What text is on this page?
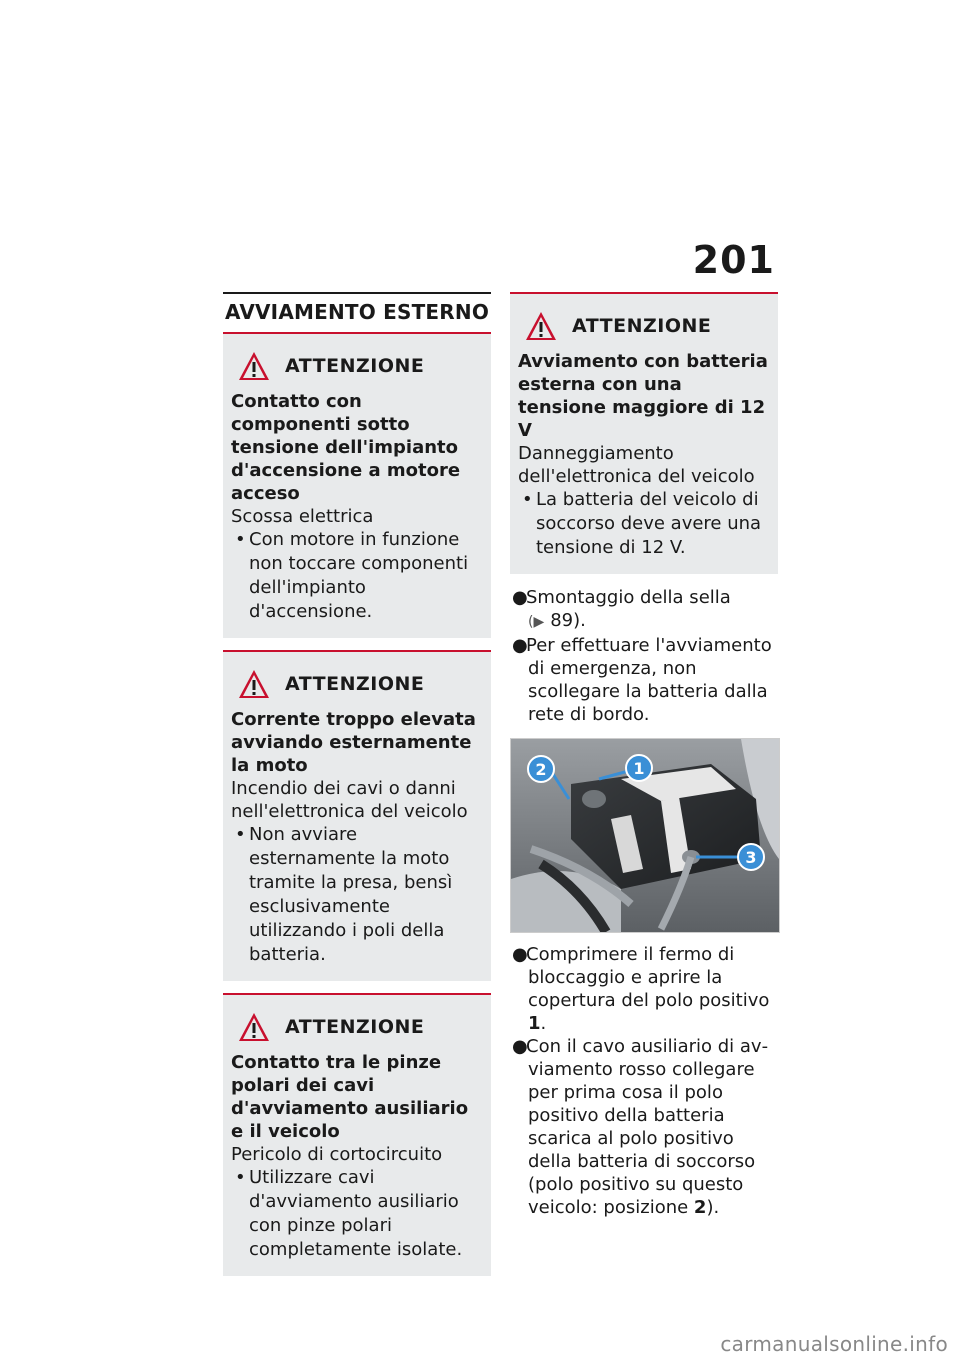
201
AVVIAMENTO ESTERNO
ATTENZIONE
Contatto con componenti sotto tensione dell'impianto d'accensione a motore acceso
Scossa elettrica
• Con motore in funzione non toccare componenti dell'impianto d'accensione.
ATTENZIONE
Corrente troppo elevata avviando esternamente la moto
Incendio dei cavi o danni nell'elettronica del veicolo
• Non avviare esternamente la moto tramite la presa, bensì esclusivamente utilizzando i poli della batteria.
ATTENZIONE
Contatto tra le pinze polari dei cavi d'avviamento ausiliario e il veicolo
Pericolo di cortocircuito
• Utilizzare cavi d'avviamento ausiliario con pinze polari completamente isolate.
ATTENZIONE
Avviamento con batteria esterna con una tensione maggiore di 12 V
Danneggiamento dell'elettronica del veicolo
• La batteria del veicolo di soccorso deve avere una tensione di 12 V.
●Smontaggio della sella
(▶ 89).
●Per effettuare l'avviamento di emergenza, non scollegare la batteria dalla rete di bordo.
2	1
3
●Comprimere il fermo di bloccaggio e aprire la copertura del polo positivo 1.
●Con il cavo ausiliario di avviamento rosso collegare per prima cosa il polo positivo della batteria scarica al polo positivo della batteria di soccorso (polo positivo su questo veicolo: posizione 2).
carmanualsonline.info
